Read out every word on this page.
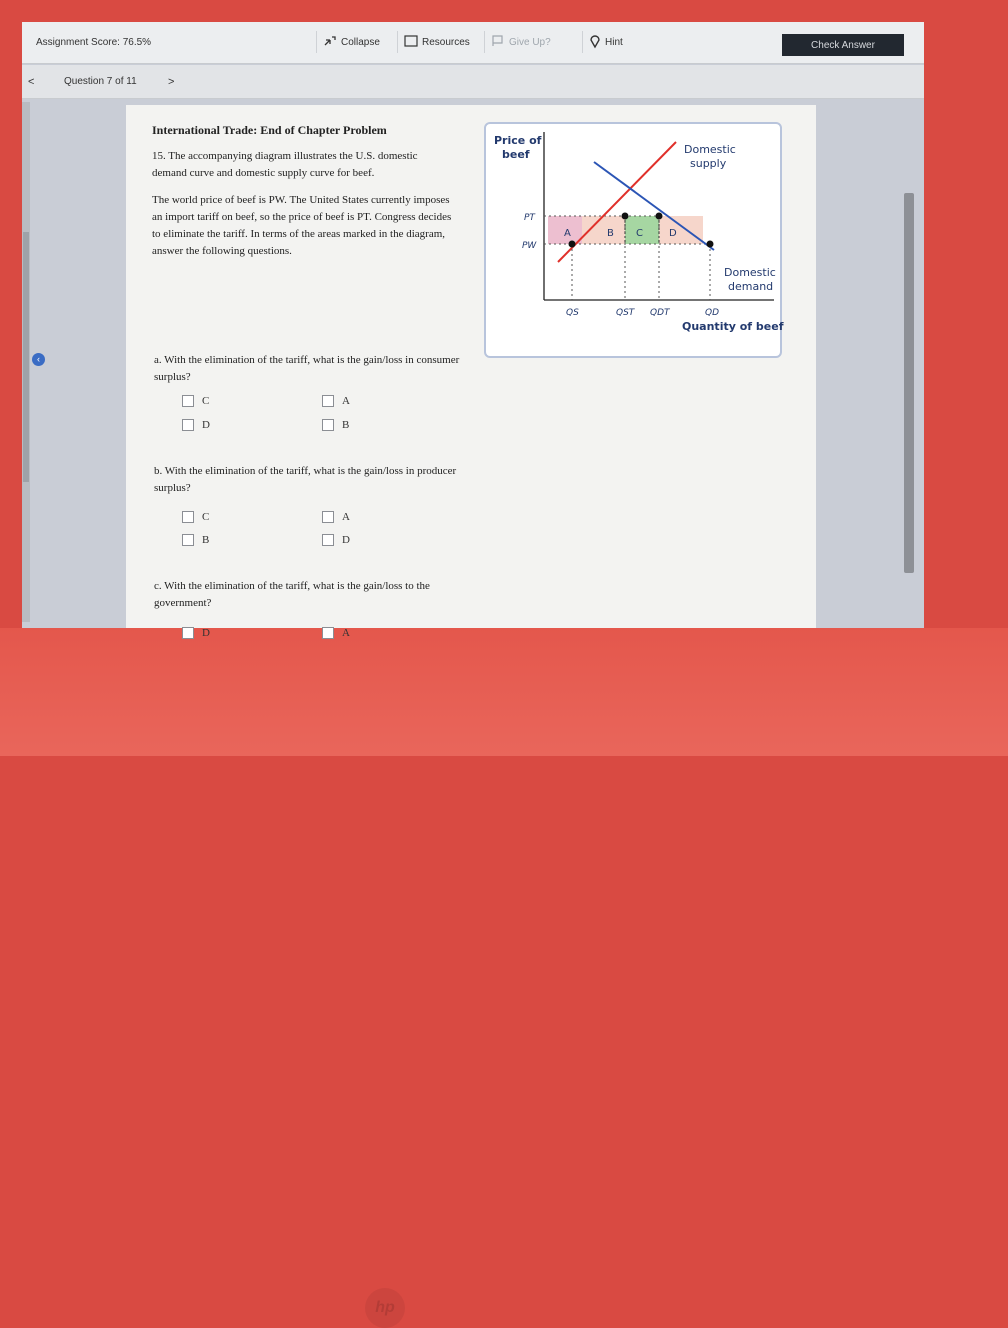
hp
Assignment Score: 76.5%	Collapse	Resources	Give Up?	Hint	Check Answer
<	Question 7 of 11	>
‹
International Trade: End of Chapter Problem
15. The accompanying diagram illustrates the U.S. domestic demand curve and domestic supply curve for beef.
The world price of beef is PW. The United States currently imposes an import tariff on beef, so the price of beef is PT. Congress decides to eliminate the tariff. In terms of the areas marked in the diagram, answer the following questions.
Price of
beef	Domestic
supply
Domestic
demand
PT
PW
A	B C	D
QS	QST QDT	QD
Quantity of beef
a. With the elimination of the tariff, what is the gain/loss in consumer surplus?
C
D
A
B
b. With the elimination of the tariff, what is the gain/loss in producer surplus?
C
B
A
D
c. With the elimination of the tariff, what is the gain/loss to the government?
D	A
